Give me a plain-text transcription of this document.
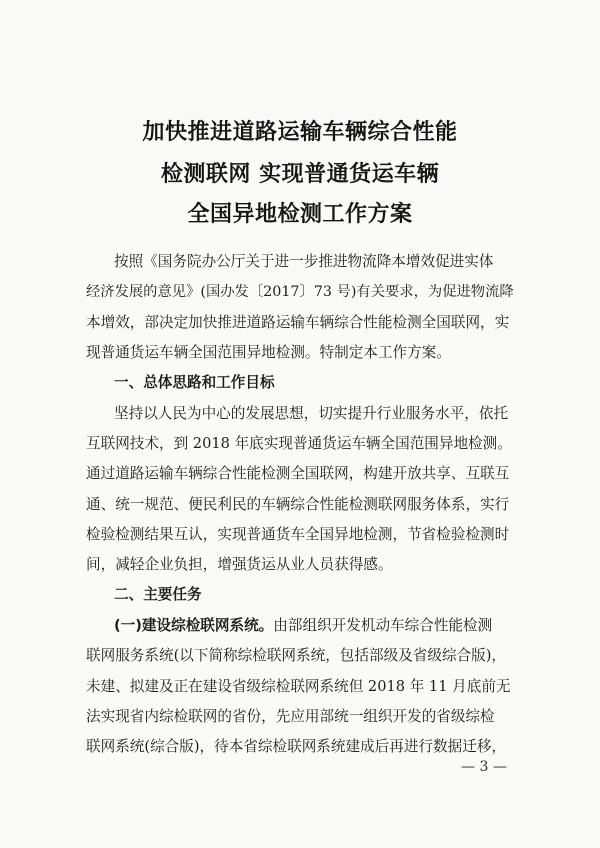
加快推进道路运输车辆综合性能
检测联网 实现普通货运车辆
全国异地检测工作方案
按照《国务院办公厅关于进一步推进物流降本增效促进实体
经济发展的意见》(国办发〔2017〕73 号)有关要求，为促进物流降
本增效，部决定加快推进道路运输车辆综合性能检测全国联网，实
现普通货运车辆全国范围异地检测。特制定本工作方案。
一、总体思路和工作目标
坚持以人民为中心的发展思想，切实提升行业服务水平，依托
互联网技术，到 2018 年底实现普通货运车辆全国范围异地检测。
通过道路运输车辆综合性能检测全国联网，构建开放共享、互联互
通、统一规范、便民利民的车辆综合性能检测联网服务体系，实行
检验检测结果互认，实现普通货车全国异地检测，节省检验检测时
间，减轻企业负担，增强货运从业人员获得感。
二、主要任务
(一)建设综检联网系统。由部组织开发机动车综合性能检测
联网服务系统(以下简称综检联网系统，包括部级及省级综合版)，
未建、拟建及正在建设省级综检联网系统但 2018 年 11 月底前无
法实现省内综检联网的省份，先应用部统一组织开发的省级综检
联网系统(综合版)，待本省综检联网系统建成后再进行数据迁移，
— 3 —
